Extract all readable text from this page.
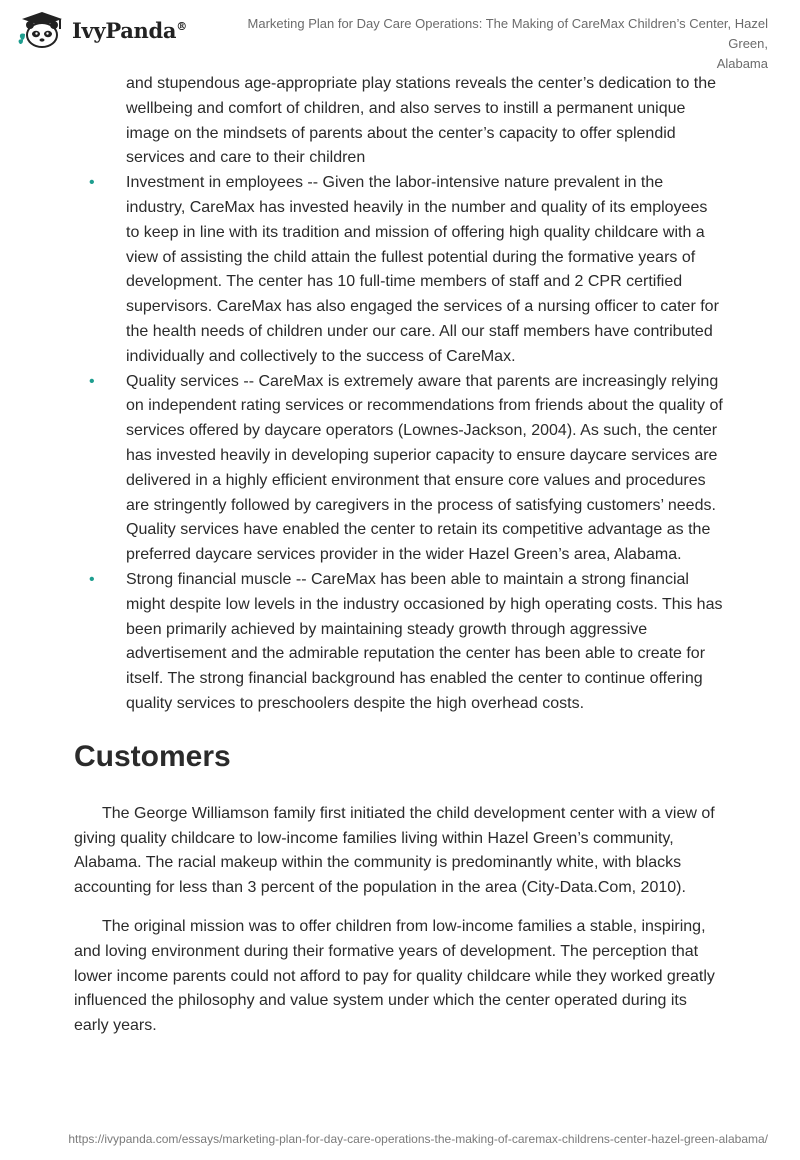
IvyPanda®	Marketing Plan for Day Care Operations: The Making of CareMax Children’s Center, Hazel Green,
Alabama
and stupendous age-appropriate play stations reveals the center’s dedication to the wellbeing and comfort of children, and also serves to instill a permanent unique image on the mindsets of parents about the center’s capacity to offer splendid services and care to their children
• Investment in employees -- Given the labor-intensive nature prevalent in the industry, CareMax has invested heavily in the number and quality of its employees to keep in line with its tradition and mission of offering high quality childcare with a view of assisting the child attain the fullest potential during the formative years of development. The center has 10 full-time members of staff and 2 CPR certified supervisors. CareMax has also engaged the services of a nursing officer to cater for the health needs of children under our care. All our staff members have contributed individually and collectively to the success of CareMax.
• Quality services -- CareMax is extremely aware that parents are increasingly relying on independent rating services or recommendations from friends about the quality of services offered by daycare operators (Lownes-Jackson, 2004). As such, the center has invested heavily in developing superior capacity to ensure daycare services are delivered in a highly efficient environment that ensure core values and procedures are stringently followed by caregivers in the process of satisfying customers’ needs. Quality services have enabled the center to retain its competitive advantage as the preferred daycare services provider in the wider Hazel Green’s area, Alabama.
• Strong financial muscle -- CareMax has been able to maintain a strong financial might despite low levels in the industry occasioned by high operating costs. This has been primarily achieved by maintaining steady growth through aggressive advertisement and the admirable reputation the center has been able to create for itself. The strong financial background has enabled the center to continue offering quality services to preschoolers despite the high overhead costs.
Customers

The George Williamson family first initiated the child development center with a view of giving quality childcare to low-income families living within Hazel Green’s community, Alabama. The racial makeup within the community is predominantly white, with blacks accounting for less than 3 percent of the population in the area (City-Data.Com, 2010).

The original mission was to offer children from low-income families a stable, inspiring, and loving environment during their formative years of development. The perception that lower income parents could not afford to pay for quality childcare while they worked greatly influenced the philosophy and value system under which the center operated during its early years.

https://ivypanda.com/essays/marketing-plan-for-day-care-operations-the-making-of-caremax-childrens-center-hazel-green-alabama/
